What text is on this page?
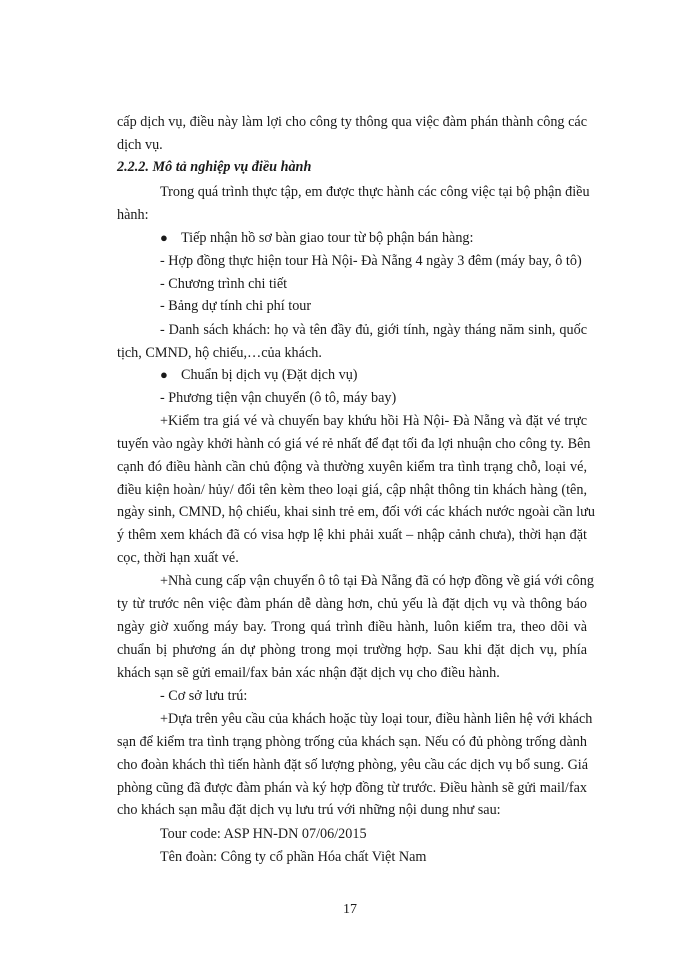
cấp dịch vụ, điều này làm lợi cho công ty thông qua việc đàm phán thành công các
dịch vụ.
2.2.2. Mô tả nghiệp vụ điều hành
Trong quá trình thực tập, em được thực hành các công việc tại bộ phận điều
hành:
● Tiếp nhận hồ sơ bàn giao tour từ bộ phận bán hàng:
- Hợp đồng thực hiện tour Hà Nội- Đà Nẵng 4 ngày 3 đêm (máy bay, ô tô)
- Chương trình chi tiết
- Bảng dự tính chi phí tour
- Danh sách khách: họ và tên đầy đủ, giới tính, ngày tháng năm sinh, quốc
tịch, CMND, hộ chiếu,…của khách.
● Chuẩn bị dịch vụ (Đặt dịch vụ)
- Phương tiện vận chuyển (ô tô, máy bay)
+Kiểm tra giá vé và chuyến bay khứu hồi Hà Nội- Đà Nẵng và đặt vé trực
tuyến vào ngày khởi hành có giá vé rẻ nhất để đạt tối đa lợi nhuận cho công ty. Bên
cạnh đó điều hành cần chủ động và thường xuyên kiểm tra tình trạng chỗ, loại vé,
điều kiện hoàn/ hủy/ đổi tên kèm theo loại giá, cập nhật thông tin khách hàng (tên,
ngày sinh, CMND, hộ chiếu, khai sinh trẻ em, đối với các khách nước ngoài cần lưu
ý thêm xem khách đã có visa hợp lệ khi phải xuất – nhập cảnh chưa), thời hạn đặt
cọc, thời hạn xuất vé.
+Nhà cung cấp vận chuyển ô tô tại Đà Nẵng đã có hợp đồng về giá với công
ty từ trước nên việc đàm phán dễ dàng hơn, chủ yếu là đặt dịch vụ và thông báo
ngày giờ xuống máy bay. Trong quá trình điều hành, luôn kiểm tra, theo dõi và
chuẩn bị phương án dự phòng trong mọi trường hợp. Sau khi đặt dịch vụ, phía
khách sạn sẽ gửi email/fax bản xác nhận đặt dịch vụ cho điều hành.
- Cơ sở lưu trú:
+Dựa trên yêu cầu của khách hoặc tùy loại tour, điều hành liên hệ với khách
sạn để kiểm tra tình trạng phòng trống của khách sạn. Nếu có đủ phòng trống dành
cho đoàn khách thì tiến hành đặt số lượng phòng, yêu cầu các dịch vụ bổ sung. Giá
phòng cũng đã được đàm phán và ký hợp đồng từ trước. Điều hành sẽ gửi mail/fax
cho khách sạn mẫu đặt dịch vụ lưu trú với những nội dung như sau:
Tour code: ASP HN-DN 07/06/2015
Tên đoàn: Công ty cổ phần Hóa chất Việt Nam
17
